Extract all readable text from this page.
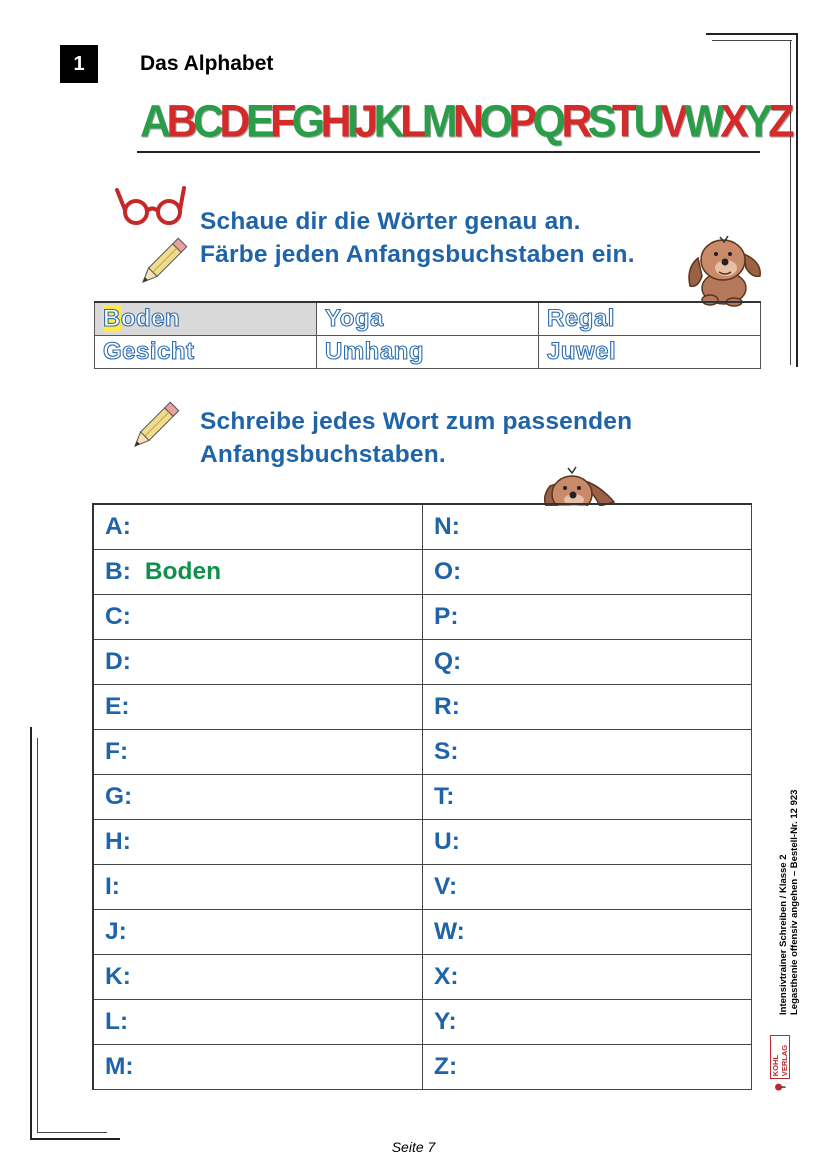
1	Das Alphabet
A B C D E F G H I J K L M N O P Q R S T U V W X Y Z
Schaue dir die Wörter genau an.
Färbe jeden Anfangsbuchstaben ein.
Boden	Yoga	Regal
Gesicht	Umhang	Juwel
Schreibe jedes Wort zum passenden
Anfangsbuchstaben.
A:	N:
B: Boden	O:
C:	P:
D:	Q:
E:	R:
F:	S:
G:	T:
H:	U:
I:	V:
J:	W:
K:	X:
L:	Y:
M:	Z:
Intensivtrainer Schreiben / Klasse 2 Legasthenie offensiv angehen – Bestell-Nr. 12 923
KOHL VERLAG
Seite 7
